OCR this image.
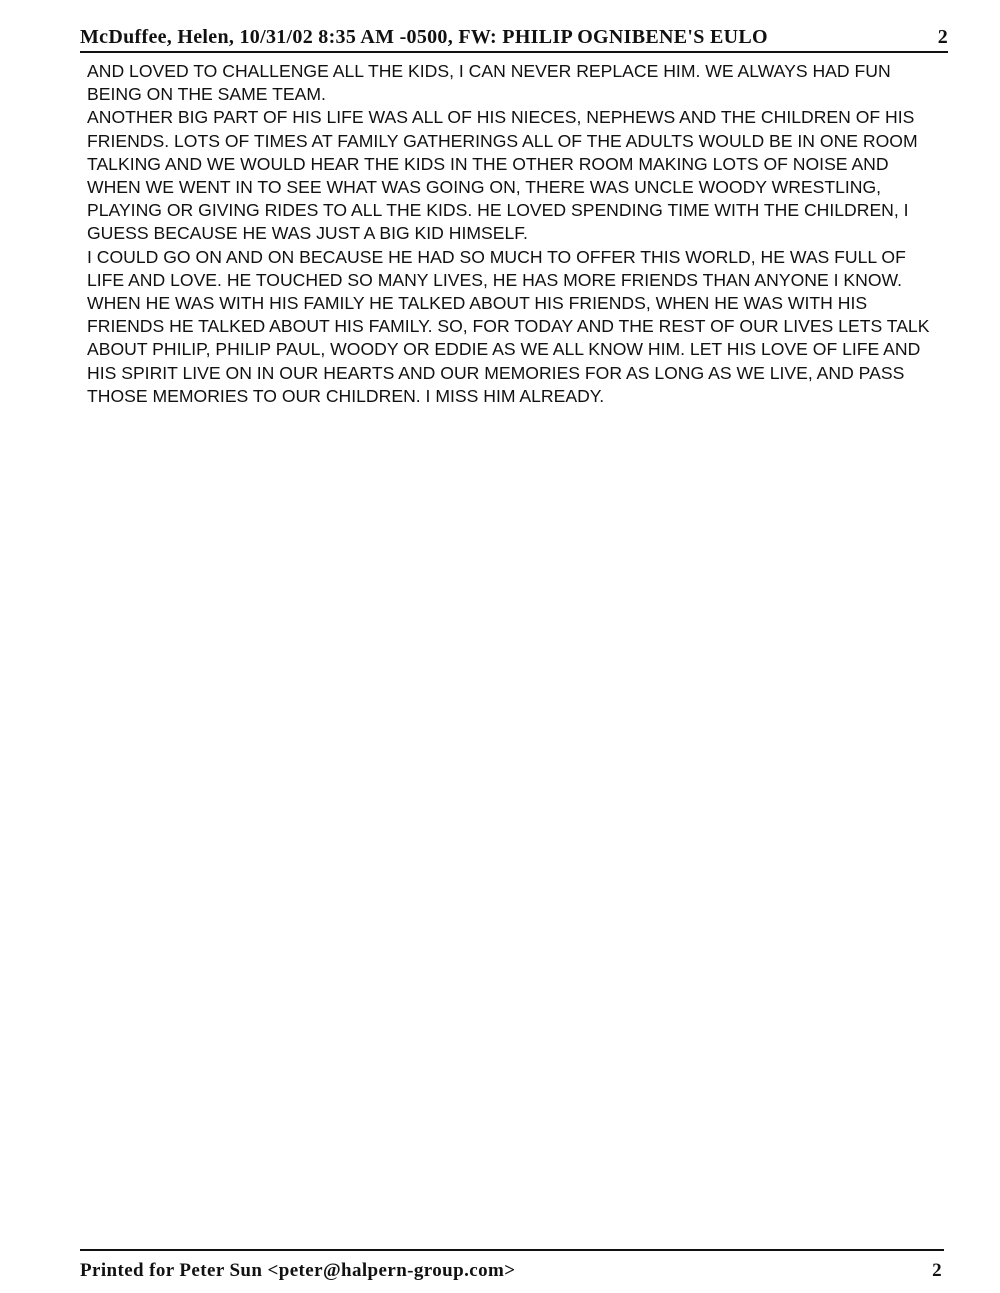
McDuffee, Helen, 10/31/02 8:35 AM -0500, FW: PHILIP OGNIBENE'S EULO	2

AND LOVED TO CHALLENGE ALL THE KIDS, I CAN NEVER REPLACE HIM. WE ALWAYS HAD FUN BEING ON THE SAME TEAM.

ANOTHER BIG PART OF HIS LIFE WAS ALL OF HIS NIECES, NEPHEWS AND THE CHILDREN OF HIS FRIENDS. LOTS OF TIMES AT FAMILY GATHERINGS ALL OF THE ADULTS WOULD BE IN ONE ROOM TALKING AND WE WOULD HEAR THE KIDS IN THE OTHER ROOM MAKING LOTS OF NOISE AND WHEN WE WENT IN TO SEE WHAT WAS GOING ON, THERE WAS UNCLE WOODY WRESTLING, PLAYING OR GIVING RIDES TO ALL THE KIDS. HE LOVED SPENDING TIME WITH THE CHILDREN, I GUESS BECAUSE HE WAS JUST A BIG KID HIMSELF.

I COULD GO ON AND ON BECAUSE HE HAD SO MUCH TO OFFER THIS WORLD, HE WAS FULL OF LIFE AND LOVE. HE TOUCHED SO MANY LIVES, HE HAS MORE FRIENDS THAN ANYONE I KNOW. WHEN HE WAS WITH HIS FAMILY HE TALKED ABOUT HIS FRIENDS, WHEN HE WAS WITH HIS FRIENDS HE TALKED ABOUT HIS FAMILY. SO, FOR TODAY AND THE REST OF OUR LIVES LETS TALK ABOUT PHILIP, PHILIP PAUL, WOODY OR EDDIE AS WE ALL KNOW HIM. LET HIS LOVE OF LIFE AND HIS SPIRIT LIVE ON IN OUR HEARTS AND OUR MEMORIES FOR AS LONG AS WE LIVE, AND PASS THOSE MEMORIES TO OUR CHILDREN. I MISS HIM ALREADY.

Printed for Peter Sun <peter@halpern-group.com>	2
